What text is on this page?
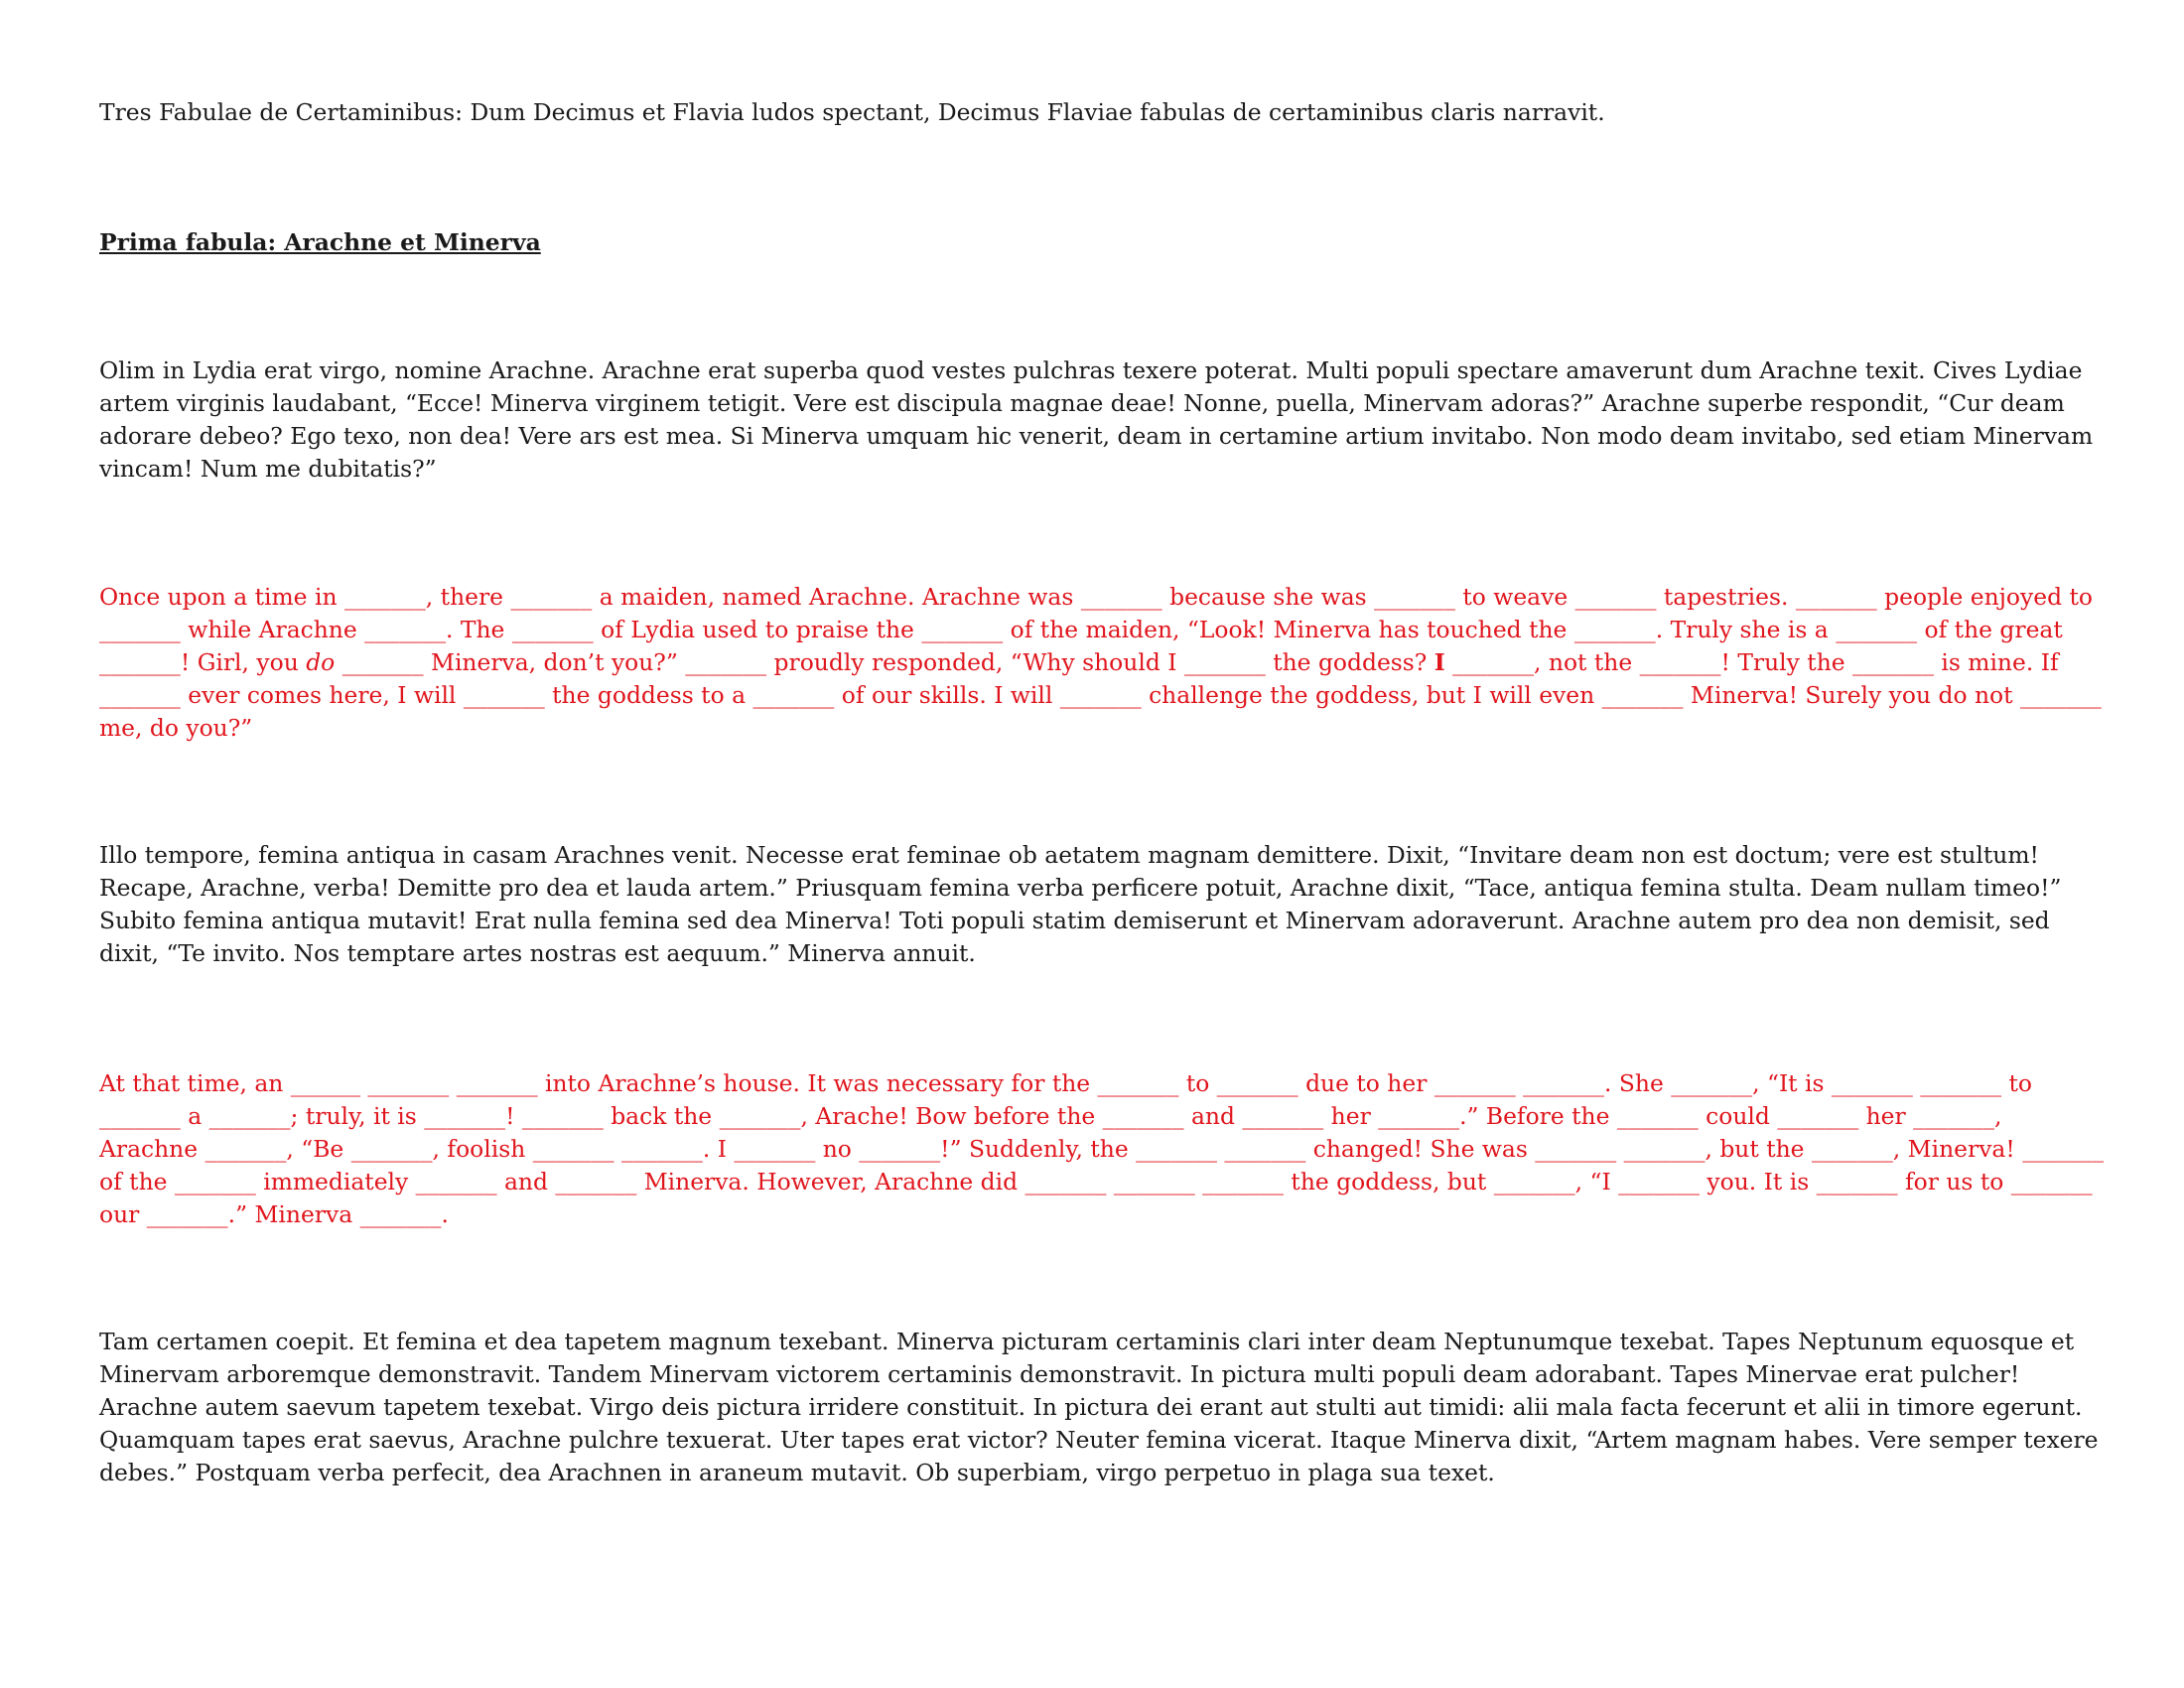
Tres Fabulae de Certaminibus: Dum Decimus et Flavia ludos spectant, Decimus Flaviae fabulas de certaminibus claris narravit.

Prima fabula: Arachne et Minerva

Olim in Lydia erat virgo, nomine Arachne. Arachne erat superba quod vestes pulchras texere poterat. Multi populi spectare amaverunt dum Arachne texit. Cives Lydiae artem virginis laudabant, “Ecce! Minerva virginem tetigit. Vere est discipula magnae deae! Nonne, puella, Minervam adoras?” Arachne superbe respondit, “Cur deam adorare debeo? Ego texo, non dea! Vere ars est mea. Si Minerva umquam hic venerit, deam in certamine artium invitabo. Non modo deam invitabo, sed etiam Minervam vincam! Num me dubitatis?”

Once upon a time in _______, there _______ a maiden, named Arachne. Arachne was _______ because she was _______ to weave _______ tapestries. _______ people enjoyed to _______ while Arachne _______. The _______ of Lydia used to praise the _______ of the maiden, “Look! Minerva has touched the _______. Truly she is a _______ of the great _______! Girl, you do _______ Minerva, don’t you?” _______ proudly responded, “Why should I _______ the goddess? I _______, not the _______! Truly the _______ is mine. If _______ ever comes here, I will _______ the goddess to a _______ of our skills. I will _______ challenge the goddess, but I will even _______ Minerva! Surely you do not _______ me, do you?”

Illo tempore, femina antiqua in casam Arachnes venit. Necesse erat feminae ob aetatem magnam demittere. Dixit, “Invitare deam non est doctum; vere est stultum! Recape, Arachne, verba! Demitte pro dea et lauda artem.” Priusquam femina verba perficere potuit, Arachne dixit, “Tace, antiqua femina stulta. Deam nullam timeo!” Subito femina antiqua mutavit! Erat nulla femina sed dea Minerva! Toti populi statim demiserunt et Minervam adoraverunt. Arachne autem pro dea non demisit, sed dixit, “Te invito. Nos temptare artes nostras est aequum.” Minerva annuit.

At that time, an ______ _______ _______ into Arachne’s house. It was necessary for the _______ to _______ due to her _______ _______. She _______, “It is _______ _______ to _______ a _______; truly, it is _______! _______ back the _______, Arache! Bow before the _______ and _______ her _______.” Before the _______ could _______ her _______, Arachne _______, “Be _______, foolish _______ _______. I _______ no _______!” Suddenly, the _______ _______ changed! She was _______ _______, but the _______, Minerva! _______ of the _______ immediately _______ and _______ Minerva. However, Arachne did _______ _______ _______ the goddess, but _______, “I _______ you. It is _______ for us to _______ our _______.” Minerva _______.

Tam certamen coepit. Et femina et dea tapetem magnum texebant. Minerva picturam certaminis clari inter deam Neptunumque texebat. Tapes Neptunum equosque et Minervam arboremque demonstravit. Tandem Minervam victorem certaminis demonstravit. In pictura multi populi deam adorabant. Tapes Minervae erat pulcher! Arachne autem saevum tapetem texebat. Virgo deis pictura irridere constituit. In pictura dei erant aut stulti aut timidi: alii mala facta fecerunt et alii in timore egerunt. Quamquam tapes erat saevus, Arachne pulchre texuerat. Uter tapes erat victor? Neuter femina vicerat. Itaque Minerva dixit, “Artem magnam habes. Vere semper texere debes.” Postquam verba perfecit, dea Arachnen in araneum mutavit. Ob superbiam, virgo perpetuo in plaga sua texet.
